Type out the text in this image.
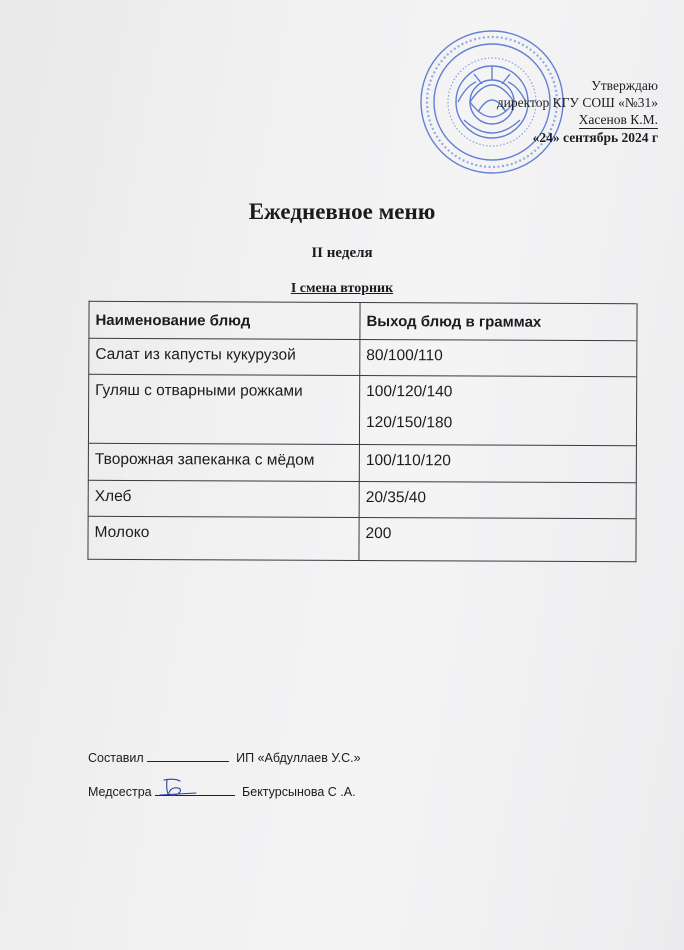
Утверждаю
директор КГУ СОШ «№31»
Хасенов К.М.
«24» сентябрь 2024 г
Ежедневное меню
II неделя
I смена вторник
Наименование блюд	Выход блюд в граммах
Салат из капусты кукурузой	80/100/110

Гуляш с отварными рожками	100/120/140
120/150/180

Творожная запеканка с мёдом	100/110/120

Хлеб	20/35/40

Молоко	200
Составил	ИП «Абдуллаев У.С.»
Медсестра	Бектурсынова С .А.
